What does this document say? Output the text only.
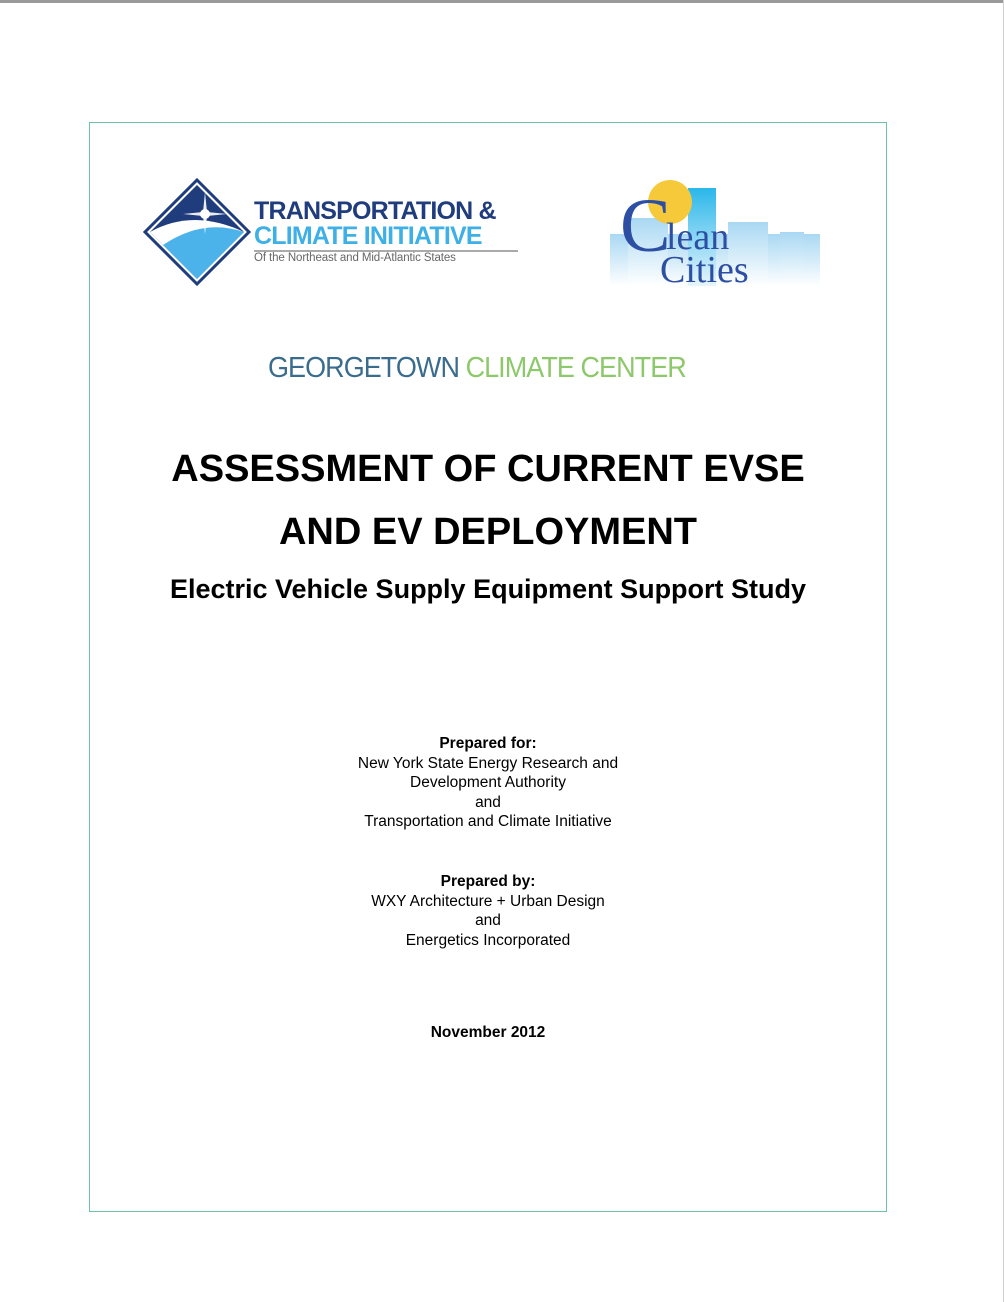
TRANSPORTATION &
CLIMATE INITIATIVE
Of the Northeast and Mid-Atlantic States C
lean
Cities
GEORGETOWN CLIMATE CENTER
ASSESSMENT OF CURRENT EVSE
AND EV DEPLOYMENT
Electric Vehicle Supply Equipment Support Study
Prepared for:
New York State Energy Research and
Development Authority
and
Transportation and Climate Initiative
Prepared by:
WXY Architecture + Urban Design
and
Energetics Incorporated
November 2012
